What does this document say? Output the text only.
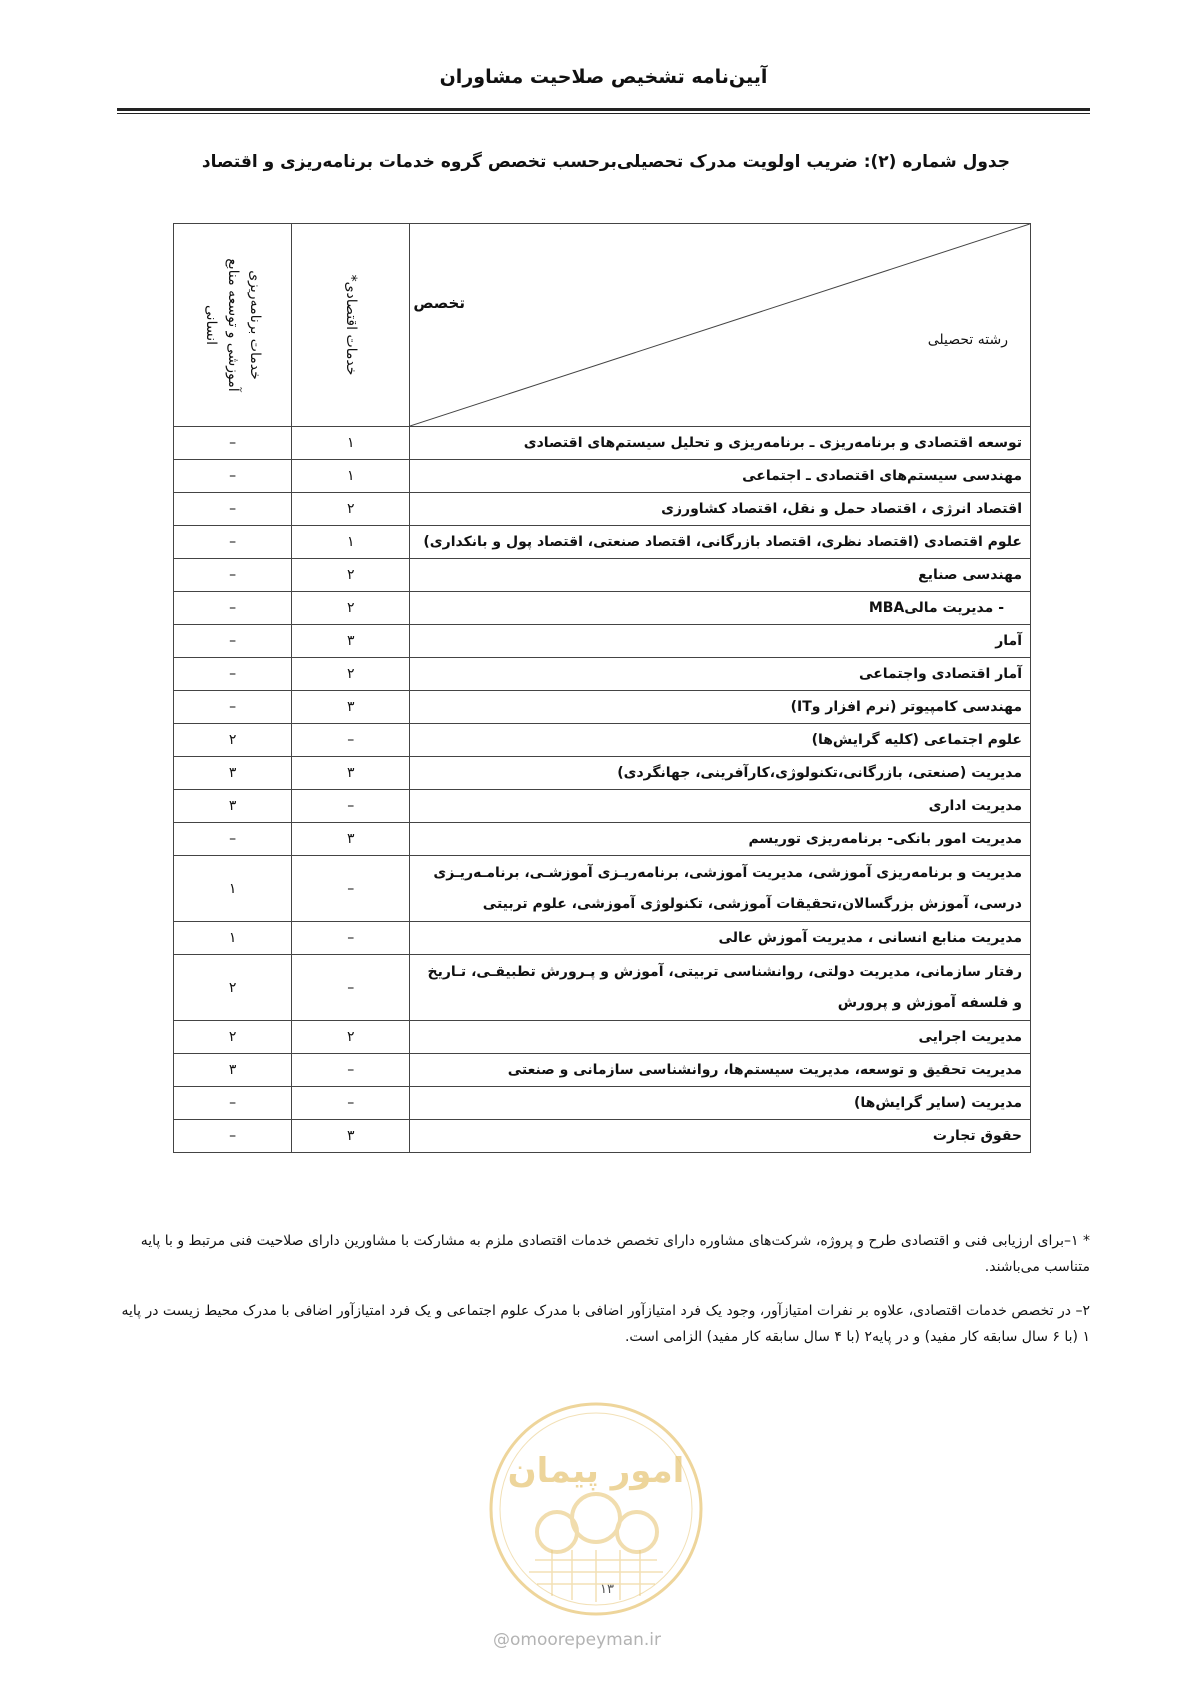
آیین‌نامه تشخیص صلاحیت مشاوران
جدول شماره (۲): ضریب اولویت مدرک تحصیلی‌برحسب تخصص گروه خدمات برنامه‌ریزی و اقتصاد
تخصص
رشته تحصیلی	خدمات اقتصادی*	خدمات برنامه‌ریزی
آموزشی و توسعه منابع
انسانی

توسعه اقتصادی و برنامه‌ریزی ـ برنامه‌ریزی و تحلیل سیستم‌های اقتصادی	۱	–
مهندسی سیستم‌های اقتصادی ـ اجتماعی	۱	–
اقتصاد انرژی ، اقتصاد حمل و نقل، اقتصاد کشاورزی	۲	–
علوم اقتصادی (اقتصاد نظری، اقتصاد بازرگانی، اقتصاد صنعتی، اقتصاد پول و بانکداری)	۱	–
مهندسی صنایع	۲	–
- مدیریت مالیMBA	۲	–
آمار	۳	–
آمار اقتصادی واجتماعی	۲	–
مهندسی کامپیوتر (نرم افزار وIT)	۳	–
علوم اجتماعی (کلیه گرایش‌ها)	–	۲
مدیریت (صنعتی، بازرگانی،تکنولوژی،کارآفرینی، جهانگردی)	۳	۳
مدیریت اداری	–	۳
مدیریت امور بانکی- برنامه‌ریزی توریسم	۳	–
مدیریت و برنامه‌ریزی آموزشی، مدیریت آموزشی، برنامه‌ریـزی آموزشـی، برنامـه‌ریـزی درسی، آموزش بزرگسالان،تحقیقات آموزشی، تکنولوژی آموزشی، علوم تربیتی	–	۱
مدیریت منابع انسانی ، مدیریت آموزش عالی	–	۱
رفتار سازمانی، مدیریت دولتی، روانشناسی تربیتی، آموزش و پـرورش تطبیقـی، تـاریخ و فلسفه آموزش و پرورش	–	۲
مدیریت اجرایی	۲	۲
مدیریت تحقیق و توسعه، مدیریت سیستم‌ها، روانشناسی سازمانی و صنعتی	–	۳
مدیریت (سایر گرایش‌ها)	–	–
حقوق تجارت	۳	–
* ۱–برای ارزیابی فنی و اقتصادی طرح و پروژه، شرکت‌های مشاوره دارای تخصص خدمات اقتصادی ملزم به مشارکت با مشاورین دارای صلاحیت فنی مرتبط و با پایه متناسب می‌باشند.
۲– در تخصص خدمات اقتصادی، علاوه بر نفرات امتیازآور، وجود یک فرد امتیازآور اضافی با مدرک علوم اجتماعی و یک فرد امتیازآور اضافی با مدرک محیط زیست در پایه ۱ (با ۶ سال سابقه کار مفید) و در پایه۲ (با ۴ سال سابقه کار مفید) الزامی است.
امور پیمان
۱۳
@omoorepeyman.ir
